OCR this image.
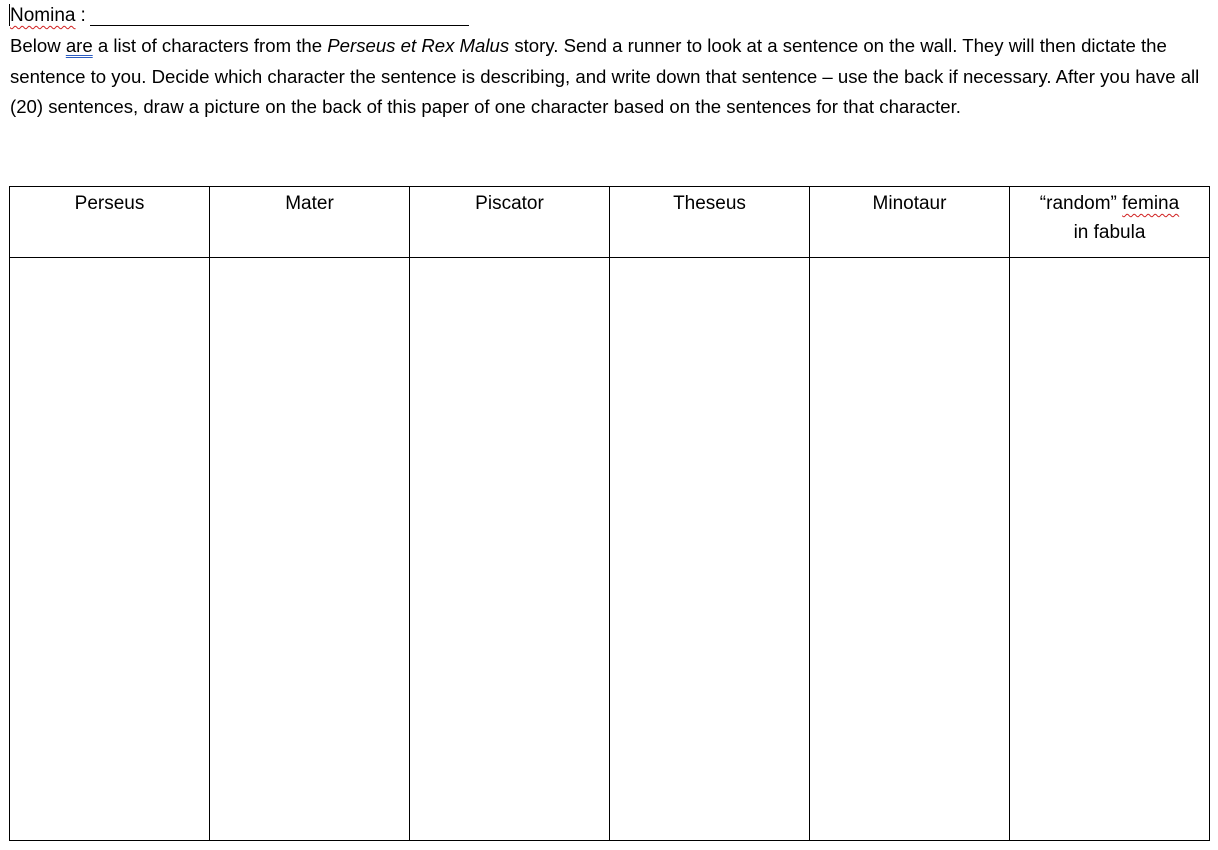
Nomina :

Below are a list of characters from the Perseus et Rex Malus story. Send a runner to look at a sentence on the wall. They will then dictate the sentence to you. Decide which character the sentence is describing, and write down that sentence – use the back if necessary. After you have all (20) sentences, draw a picture on the back of this paper of one character based on the sentences for that character.

Perseus	Mater	Piscator	Theseus	Minotaur	“random” femina
in fabula
